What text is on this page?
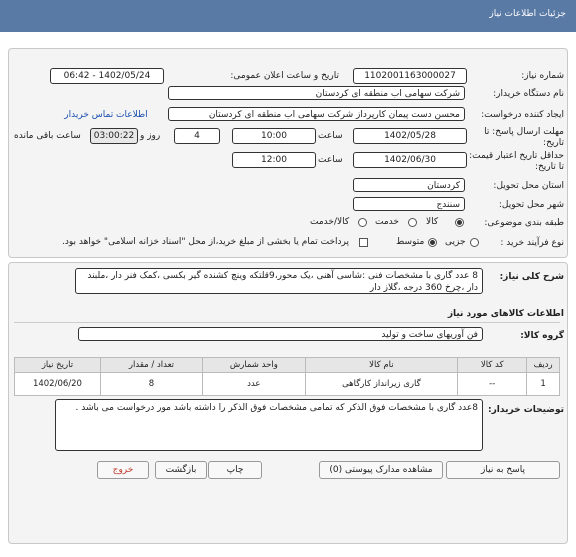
جزئیات اطلاعات نیاز
شماره نیاز:
1102001163000027
تاریخ و ساعت اعلان عمومی:
1402/05/24 - 06:42
نام دستگاه خریدار:
شرکت سهامی اب منطقه ای کردستان
ایجاد کننده درخواست:
محسن دست پیمان کارپرداز شرکت سهامی اب منطقه ای کردستان
اطلاعات تماس خریدار
مهلت ارسال پاسخ: تا تاریخ:
1402/05/28
ساعت
10:00
4
روز و
03:00:22
ساعت باقی مانده
حداقل تاریخ اعتبار قیمت: تا تاریخ:
1402/06/30
ساعت
12:00
استان محل تحویل:
کردستان
شهر محل تحویل:
سنندج
طبقه بندی موضوعی:
کالا
خدمت
کالا/خدمت
نوع فرآیند خرید :
جزیی
متوسط
پرداخت تمام یا بخشی از مبلغ خرید،از محل "اسناد خزانه اسلامی" خواهد بود.
شرح کلی نیاز:
8 عدد گاری با مشخصات فنی :شاسی آهنی ،یک محور،9قلتکه وینچ کشنده گیر بکسی ،کمک فنر دار ،ملبند دار ،چرخ 360 درجه ،گلاز دار
اطلاعات کالاهای مورد نیاز
گروه کالا:
فن آوریهای ساخت و تولید
ردیف	کد کالا	نام کالا	واحد شمارش	تعداد / مقدار	تاریخ نیاز
1	--	گاری زیرانداز کارگاهی	عدد	8	1402/06/20
توضیحات خریدار:
8عدد گاری با مشخصات فوق الذکر که تمامی مشخصات فوق الذکر را داشته باشد مور درخواست می باشد .
پاسخ به نیاز
مشاهده مدارک پیوستی (0)
چاپ
بازگشت
خروج
